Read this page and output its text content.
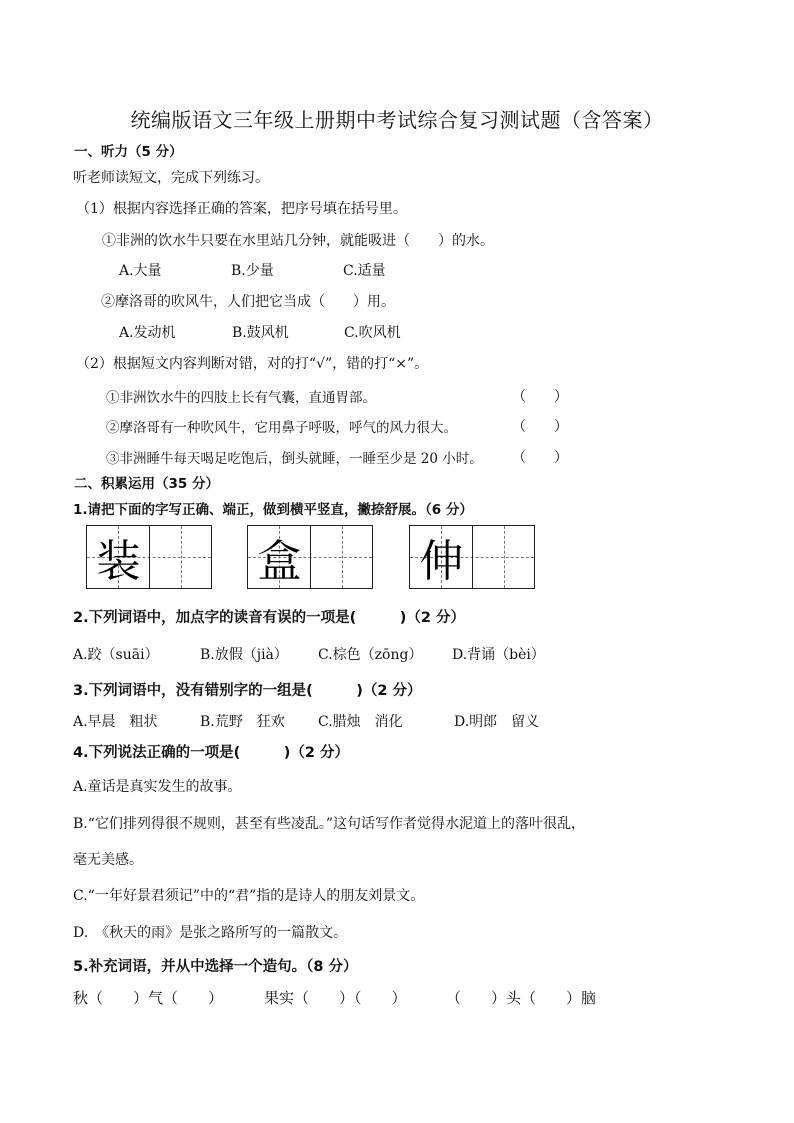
统编版语文三年级上册期中考试综合复习测试题（含答案）
一、听力（5 分）
听老师读短文，完成下列练习。
（1）根据内容选择正确的答案，把序号填在括号里。
①非洲的饮水牛只要在水里站几分钟，就能吸进（　　）的水。
A.大量	B.少量	C.适量
②摩洛哥的吹风牛，人们把它当成（　　）用。
A.发动机	B.鼓风机	C.吹风机
（2）根据短文内容判断对错，对的打“√”，错的打“×”。
①非洲饮水牛的四肢上长有气囊，直通胃部。	（　　）
②摩洛哥有一种吹风牛，它用鼻子呼吸，呼气的风力很大。	（　　）
③非洲睡牛每天喝足吃饱后，倒头就睡，一睡至少是 20 小时。 （　　）
二、积累运用（35 分）
1.请把下面的字写正确、端正，做到横平竖直，撇捺舒展。（6 分）
装	盒	伸
2.下列词语中，加点字的读音有误的一项是(　　　)（2 分）
A.跤（suāi）	B.放假（jià） C.棕色（zōng） D.背诵（bèi）
3.下列词语中，没有错别字的一组是(　　　)（2 分）
A.早晨　粗状	B.荒野　狂欢 C.腊烛　消化	D.明郎　留义
4.下列说法正确的一项是(　　　)（2 分）
A.童话是真实发生的故事。
B.“它们排列得很不规则，甚至有些凌乱。”这句话写作者觉得水泥道上的落叶很乱，
毫无美感。
C.“一年好景君须记”中的“君”指的是诗人的朋友刘景文。
D.　《秋天的雨》是张之路所写的一篇散文。
5.补充词语，并从中选择一个造句。（8 分）
秋（　　）气（　　）	果实（　　）（　　）	（　　）头（　　）脑
